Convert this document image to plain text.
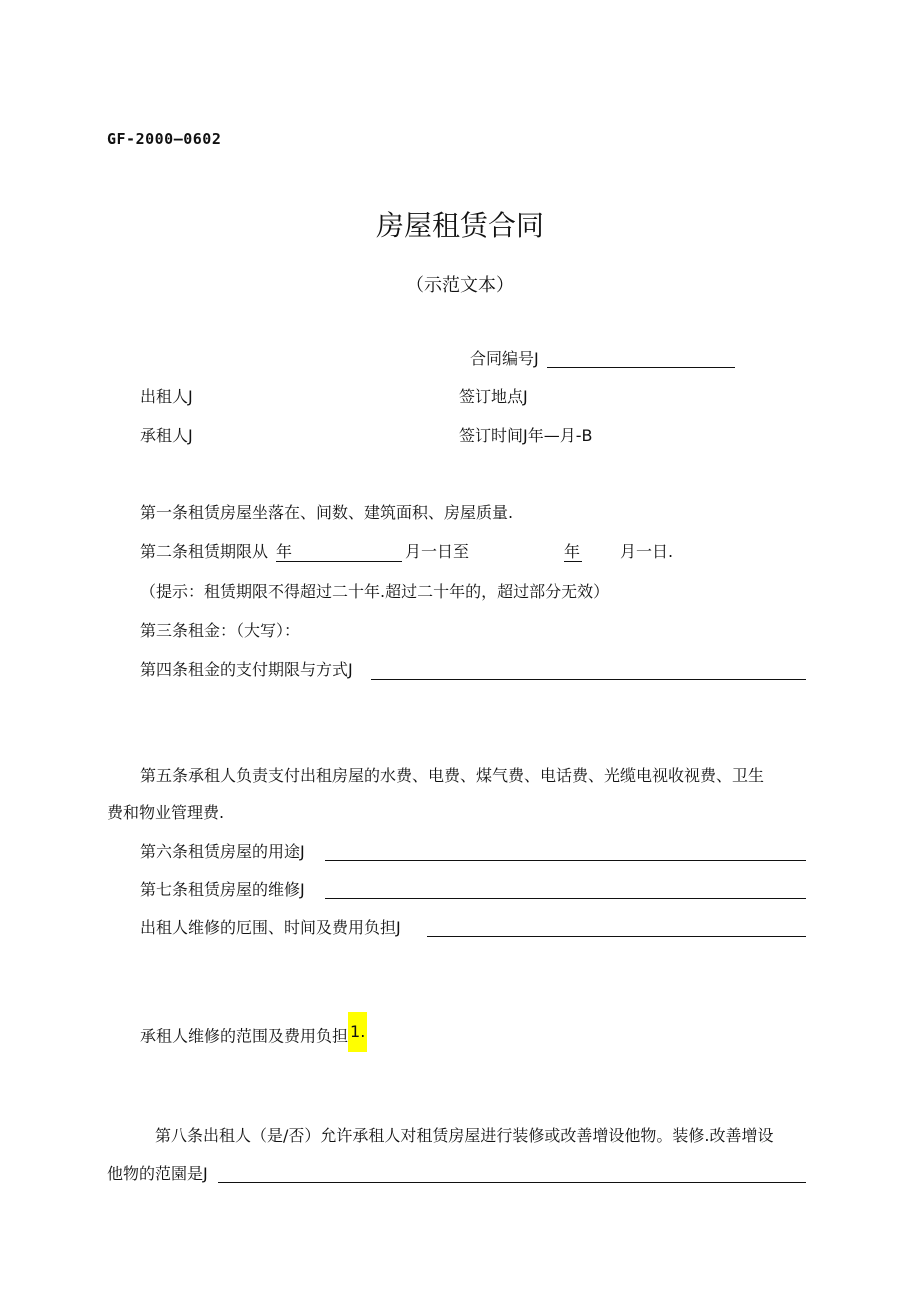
GF-2000—0602
房屋租赁合同
（示范文本）
合同编号J
出租人J	签订地点J
承租人J	签订时间J年—月-B
第一条租赁房屋坐落在、间数、建筑面积、房屋质量.
第二条租赁期限从 年	月一日至	年 月一日.
（提示：租赁期限不得超过二十年.超过二十年的，超过部分无效）
第三条租金：（大写）：
第四条租金的支付期限与方式J
第五条承租人负责支付出租房屋的水费、电费、煤气费、电话费、光缆电视收视费、卫生
费和物业管理费.
第六条租赁房屋的用途J
第七条租赁房屋的维修J
出租人维修的厄围、时间及费用负担J
承租人维修的范围及费用负担 1.
第八条出租人（是/否）允许承租人对租赁房屋进行装修或改善增设他物。装修.改善增设
他物的范園是J
